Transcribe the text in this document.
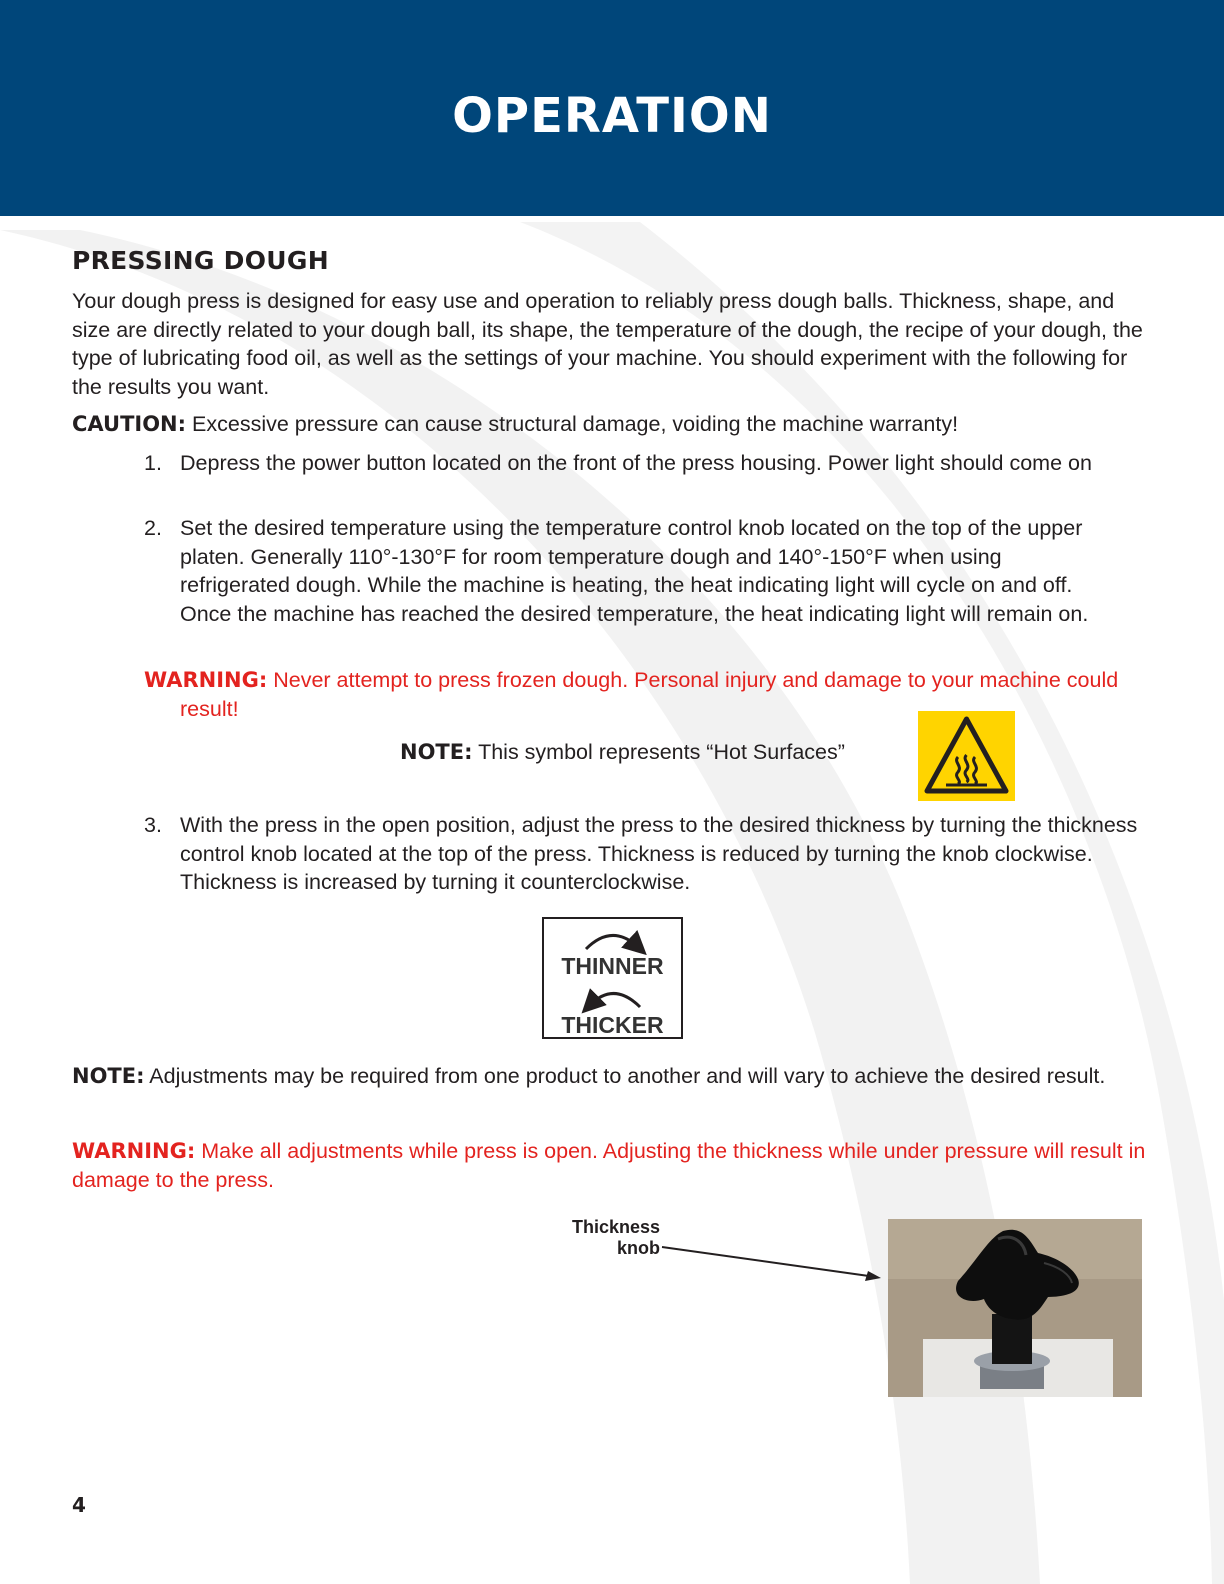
OPERATION
PRESSING DOUGH
Your dough press is designed for easy use and operation to reliably press dough balls. Thickness, shape, and size are directly related to your dough ball, its shape, the temperature of the dough, the recipe of your dough, the type of lubricating food oil, as well as the settings of your machine. You should experiment with the following for the results you want.
CAUTION: Excessive pressure can cause structural damage, voiding the machine warranty!
1. Depress the power button located on the front of the press housing. Power light should come on
2. Set the desired temperature using the temperature control knob located on the top of the upper platen. Generally 110°-130°F for room temperature dough and 140°-150°F when using refrigerated dough. While the machine is heating, the heat indicating light will cycle on and off. Once the machine has reached the desired temperature, the heat indicating light will remain on.
WARNING: Never attempt to press frozen dough. Personal injury and damage to your machine could result!
NOTE: This symbol represents “Hot Surfaces”
3. With the press in the open position, adjust the press to the desired thickness by turning the thickness control knob located at the top of the press. Thickness is reduced by turning the knob clockwise. Thickness is increased by turning it counterclockwise.
THINNER
THICKER
NOTE: Adjustments may be required from one product to another and will vary to achieve the desired result.
WARNING: Make all adjustments while press is open. Adjusting the thickness while under pressure will result in damage to the press.
Thickness
knob
4
